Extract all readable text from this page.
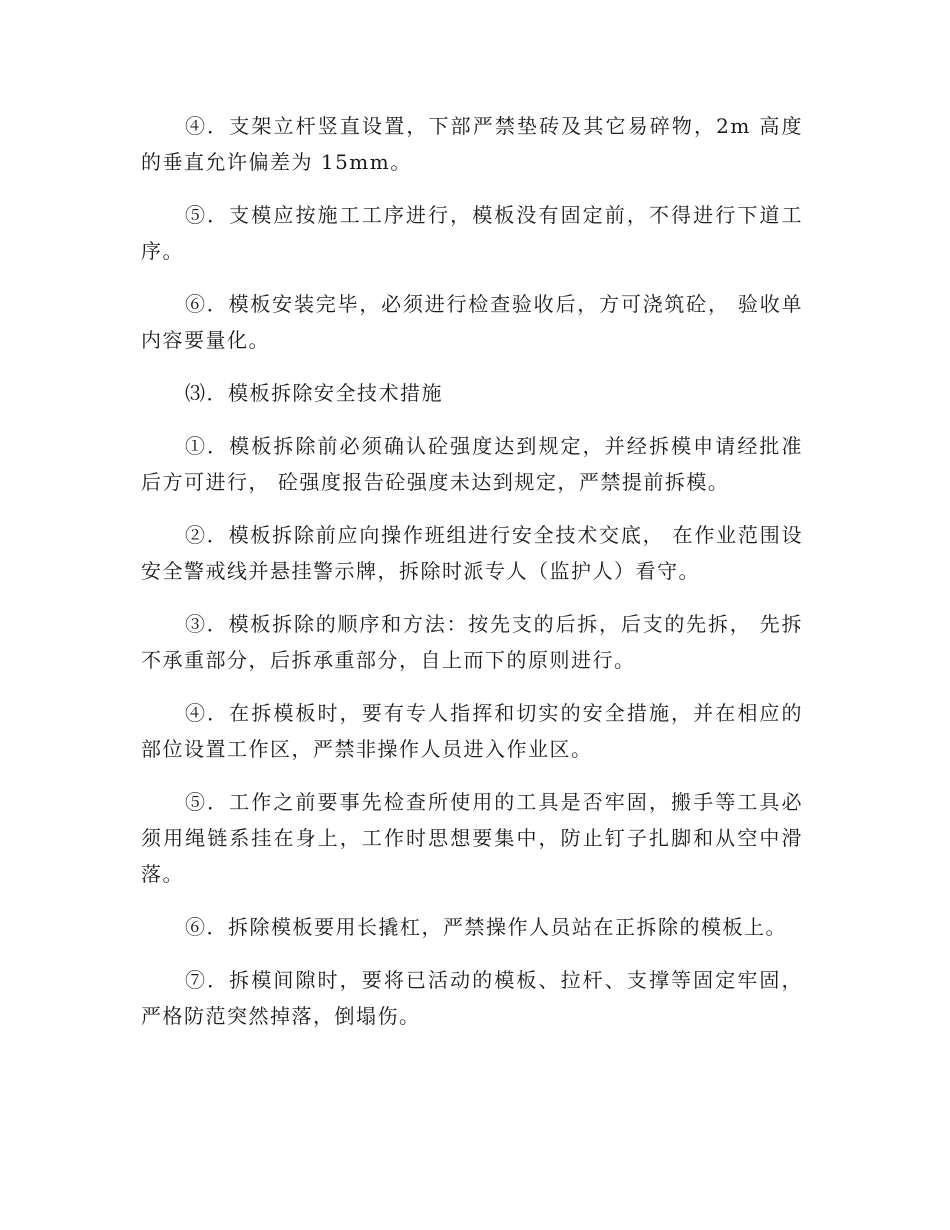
④．支架立杆竖直设置，下部严禁垫砖及其它易碎物，2m 高度的垂直允许偏差为 15mm。

⑤．支模应按施工工序进行，模板没有固定前，不得进行下道工序。

⑥．模板安装完毕，必须进行检查验收后，方可浇筑砼， 验收单内容要量化。

⑶．模板拆除安全技术措施

①．模板拆除前必须确认砼强度达到规定，并经拆模申请经批准后方可进行， 砼强度报告砼强度未达到规定，严禁提前拆模。

②．模板拆除前应向操作班组进行安全技术交底， 在作业范围设安全警戒线并悬挂警示牌，拆除时派专人（监护人）看守。

③．模板拆除的顺序和方法：按先支的后拆，后支的先拆， 先拆不承重部分，后拆承重部分，自上而下的原则进行。

④．在拆模板时，要有专人指挥和切实的安全措施，并在相应的部位设置工作区，严禁非操作人员进入作业区。

⑤．工作之前要事先检查所使用的工具是否牢固，搬手等工具必须用绳链系挂在身上，工作时思想要集中，防止钉子扎脚和从空中滑落。

⑥．拆除模板要用长撬杠，严禁操作人员站在正拆除的模板上。

⑦．拆模间隙时，要将已活动的模板、拉杆、支撑等固定牢固，严格防范突然掉落，倒塌伤。
